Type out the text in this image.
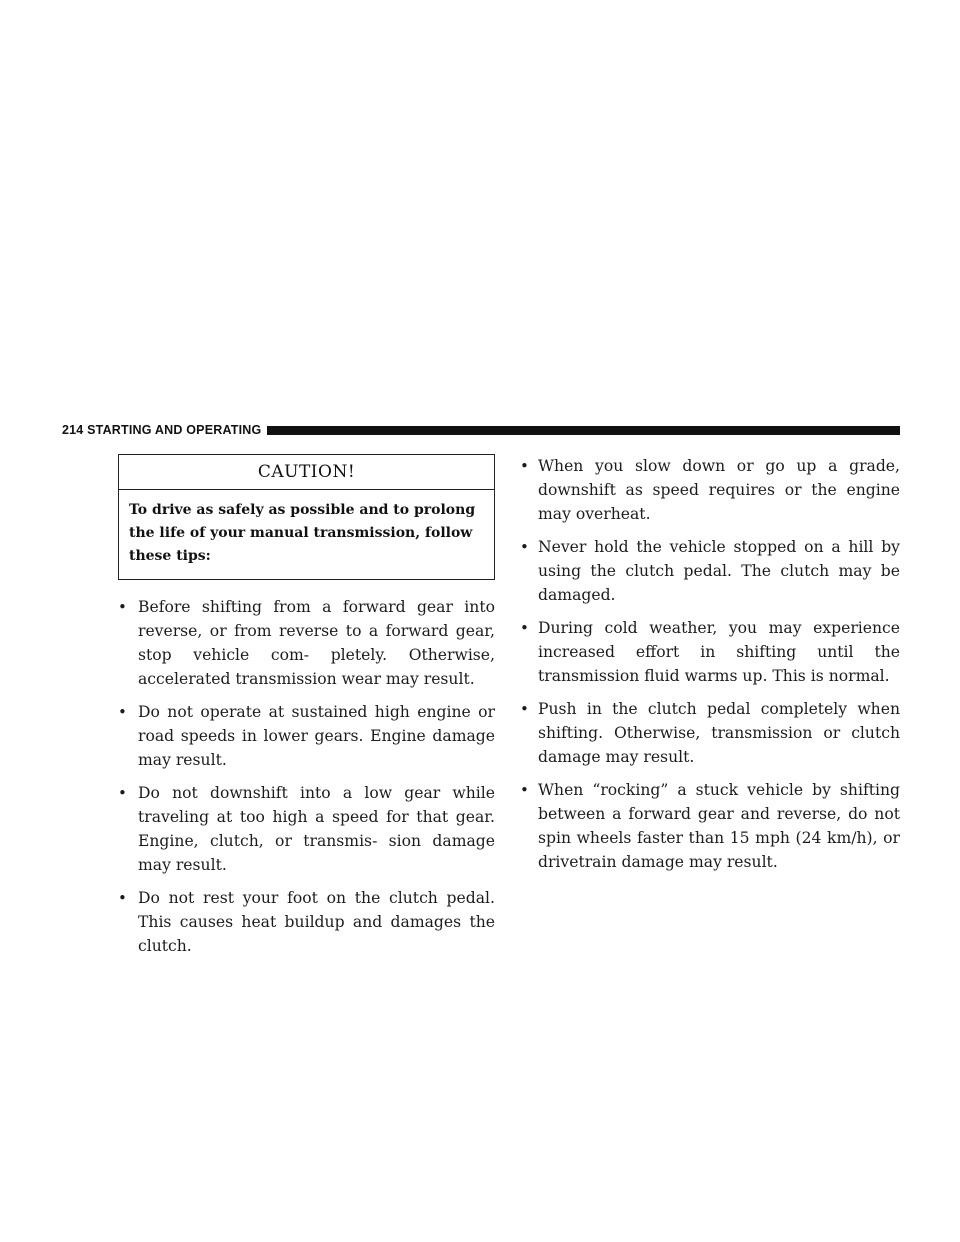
214 STARTING AND OPERATING

CAUTION!

To drive as safely as possible and to prolong the life of your manual transmission, follow these tips:

• Before shifting from a forward gear into reverse, or from reverse to a forward gear, stop vehicle com- pletely. Otherwise, accelerated transmission wear may result.
• Do not operate at sustained high engine or road speeds in lower gears. Engine damage may result.
• Do not downshift into a low gear while traveling at too high a speed for that gear. Engine, clutch, or transmis- sion damage may result.
• Do not rest your foot on the clutch pedal. This causes heat buildup and damages the clutch.
• When you slow down or go up a grade, downshift as speed requires or the engine may overheat.
• Never hold the vehicle stopped on a hill by using the clutch pedal. The clutch may be damaged.
• During cold weather, you may experience increased effort in shifting until the transmission fluid warms up. This is normal.
• Push in the clutch pedal completely when shifting. Otherwise, transmission or clutch damage may result.
• When “rocking” a stuck vehicle by shifting between a forward gear and reverse, do not spin wheels faster than 15 mph (24 km/h), or drivetrain damage may result.
